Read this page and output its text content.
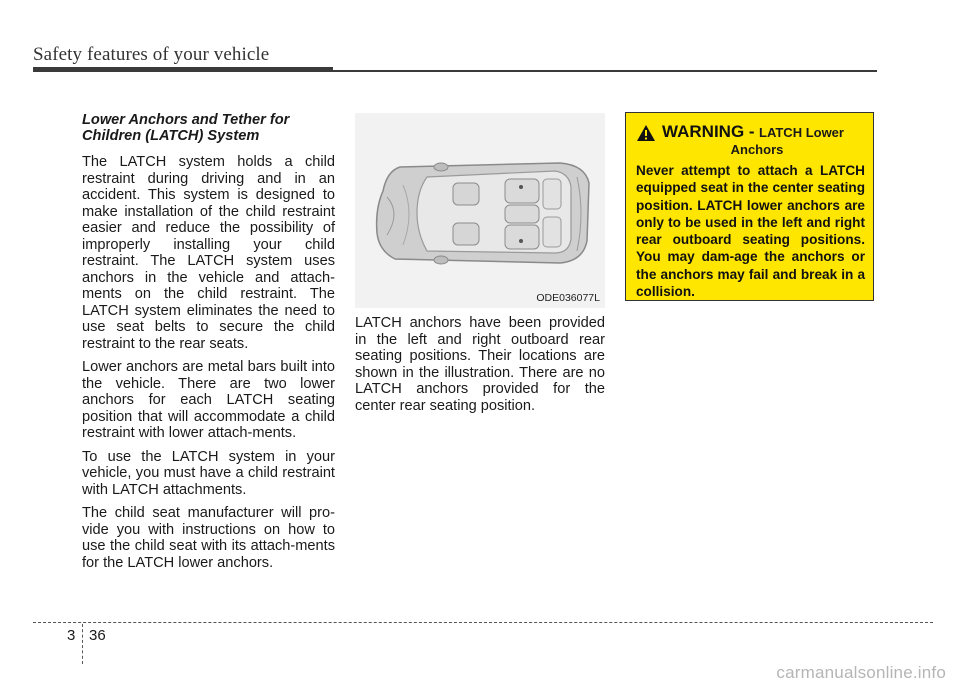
Safety features of your vehicle
Lower Anchors and Tether for Children (LATCH) System

The LATCH system holds a child restraint during driving and in an accident. This system is designed to make installation of the child restraint easier and reduce the possibility of improperly installing your child restraint. The LATCH system uses anchors in the vehicle and attach-ments on the child restraint. The LATCH system eliminates the need to use seat belts to secure the child restraint to the rear seats.

Lower anchors are metal bars built into the vehicle. There are two lower anchors for each LATCH seating position that will accommodate a child restraint with lower attach-ments.

To use the LATCH system in your vehicle, you must have a child restraint with LATCH attachments.

The child seat manufacturer will pro-vide you with instructions on how to use the child seat with its attach-ments for the LATCH lower anchors.

ODE036077L

LATCH anchors have been provided in the left and right outboard rear seating positions. Their locations are shown in the illustration. There are no LATCH anchors provided for the center rear seating position.

WARNING - LATCH Lower
Anchors
Never attempt to attach a LATCH equipped seat in the center seating position. LATCH lower anchors are only to be used in the left and right rear outboard seating positions. You may dam-age the anchors or the anchors may fail and break in a collision.
3 36
carmanualsonline.info
